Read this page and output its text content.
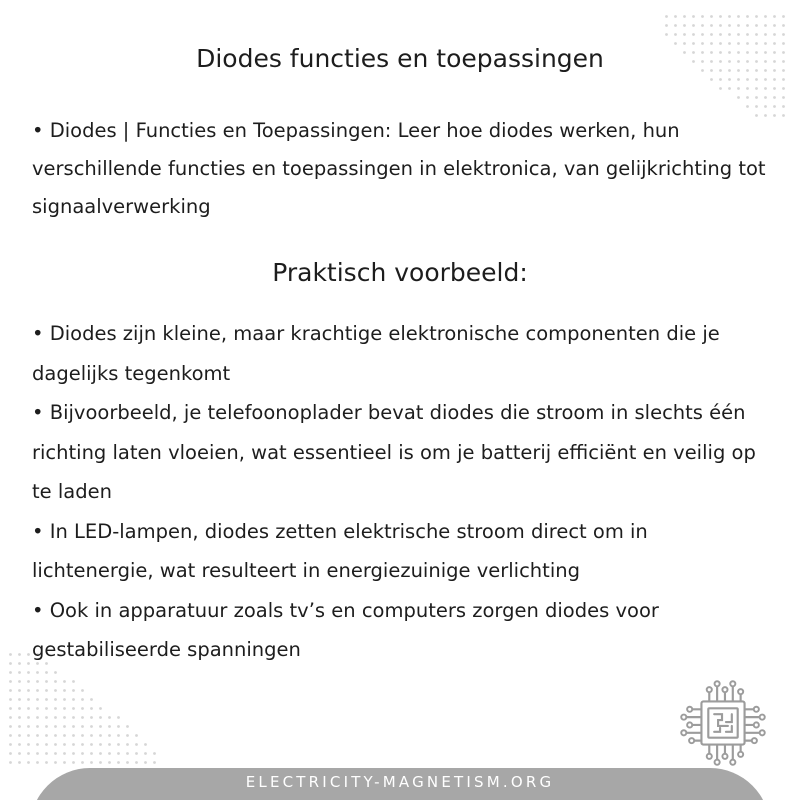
Diodes functies en toepassingen
• Diodes | Functies en Toepassingen: Leer hoe diodes werken, hun verschillende functies en toepassingen in elektronica, van gelijkrichting tot signaalverwerking
Praktisch voorbeeld:
• Diodes zijn kleine, maar krachtige elektronische componenten die je dagelijks tegenkomt
• Bijvoorbeeld, je telefoonoplader bevat diodes die stroom in slechts één richting laten vloeien, wat essentieel is om je batterij efficiënt en veilig op te laden
• In LED-lampen, diodes zetten elektrische stroom direct om in lichtenergie, wat resulteert in energiezuinige verlichting
• Ook in apparatuur zoals tv’s en computers zorgen diodes voor gestabiliseerde spanningen
ELECTRICITY-MAGNETISM.ORG
